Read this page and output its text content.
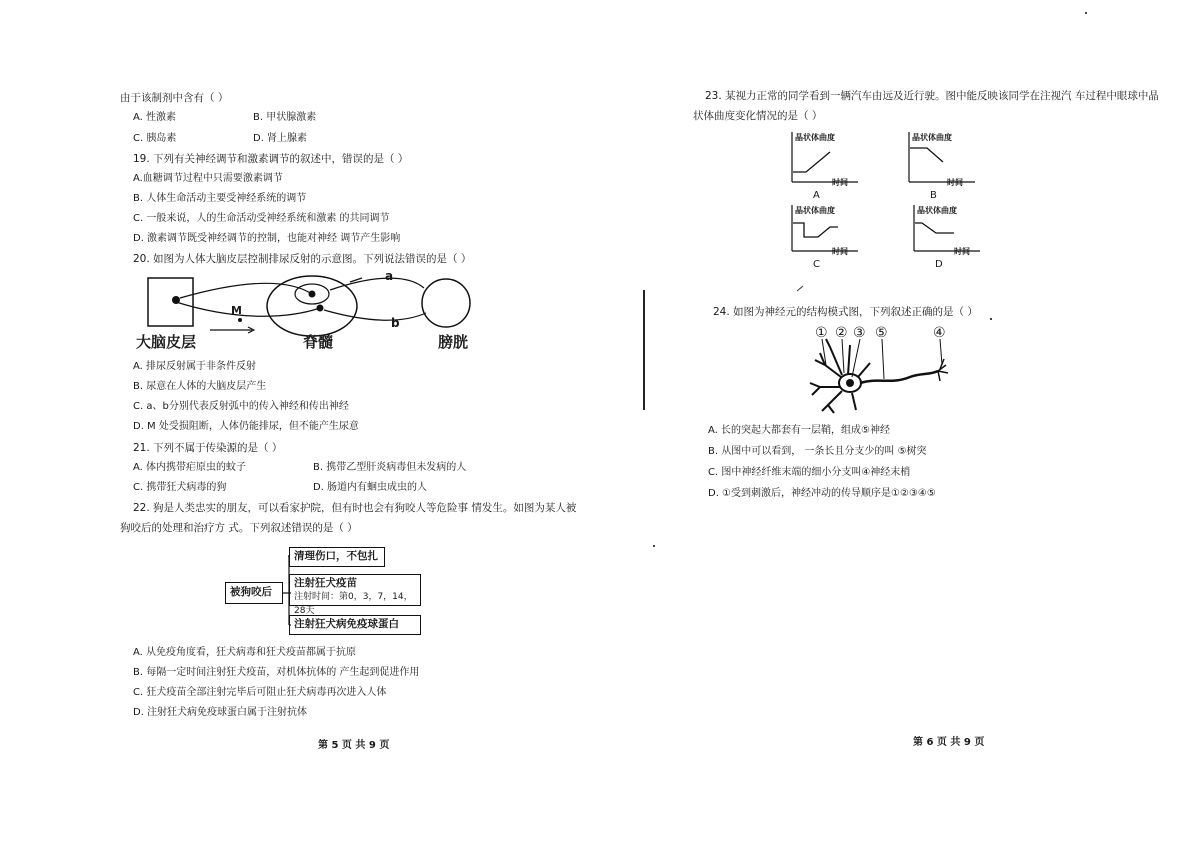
由于该制剂中含有（ ）
A. 性激素	B. 甲状腺激素
C. 胰岛素	D. 肾上腺素
19. 下列有关神经调节和激素调节的叙述中，错误的是（ ）
A.血糖调节过程中只需要激素调节
B. 人体生命活动主要受神经系统的调节
C. 一般来说，人的生命活动受神经系统和激素 的共同调节
D. 激素调节既受神经调节的控制，也能对神经 调节产生影响
20. 如图为人体大脑皮层控制排尿反射的示意图。下列说法错误的是（ ）
a
b
M
大脑皮层	脊髓	膀胱
A. 排尿反射属于非条件反射
B. 尿意在人体的大脑皮层产生
C. a、b分别代表反射弧中的传入神经和传出神经
D. M 处受损阻断，人体仍能排尿，但不能产生尿意
21. 下列不属于传染源的是（ ）
A. 体内携带疟原虫的蚊子	B. 携带乙型肝炎病毒但未发病的人
C. 携带狂犬病毒的狗	D. 肠道内有蛔虫成虫的人
22. 狗是人类忠实的朋友，可以看家护院，但有时也会有狗咬人等危险事 情发生。如图为某人被
狗咬后的处理和治疗方 式。下列叙述错误的是（ ）
被狗咬后
清理伤口，不包扎
注射狂犬疫苗
注射时间：第0，3，7，14，28天
注射狂犬病免疫球蛋白
A. 从免疫角度看，狂犬病毒和狂犬疫苗都属于抗原
B. 每隔一定时间注射狂犬疫苗，对机体抗体的 产生起到促进作用
C. 狂犬疫苗全部注射完毕后可阻止狂犬病毒再次进入人体
D. 注射狂犬病免疫球蛋白属于注射抗体
第 5 页 共 9 页
23. 某视力正常的同学看到一辆汽车由远及近行驶。图中能反映该同学在注视汽 车过程中眼球中晶
状体曲度变化情况的是（ ）
晶状体曲度
时间
A
晶状体曲度
时间
B
晶状体曲度
时间
C
晶状体曲度
时间
D
24. 如图为神经元的结构模式图，下列叙述正确的是（ ）
① ② ③ ⑤	④
A. 长的突起大都套有一层鞘，组成⑤神经
B. 从图中可以看到， 一条长且分支少的叫 ⑤树突
C. 图中神经纤维末端的细小分支叫④神经末梢
D. ①受到刺激后，神经冲动的传导顺序是①②③④⑤
第 6 页 共 9 页
